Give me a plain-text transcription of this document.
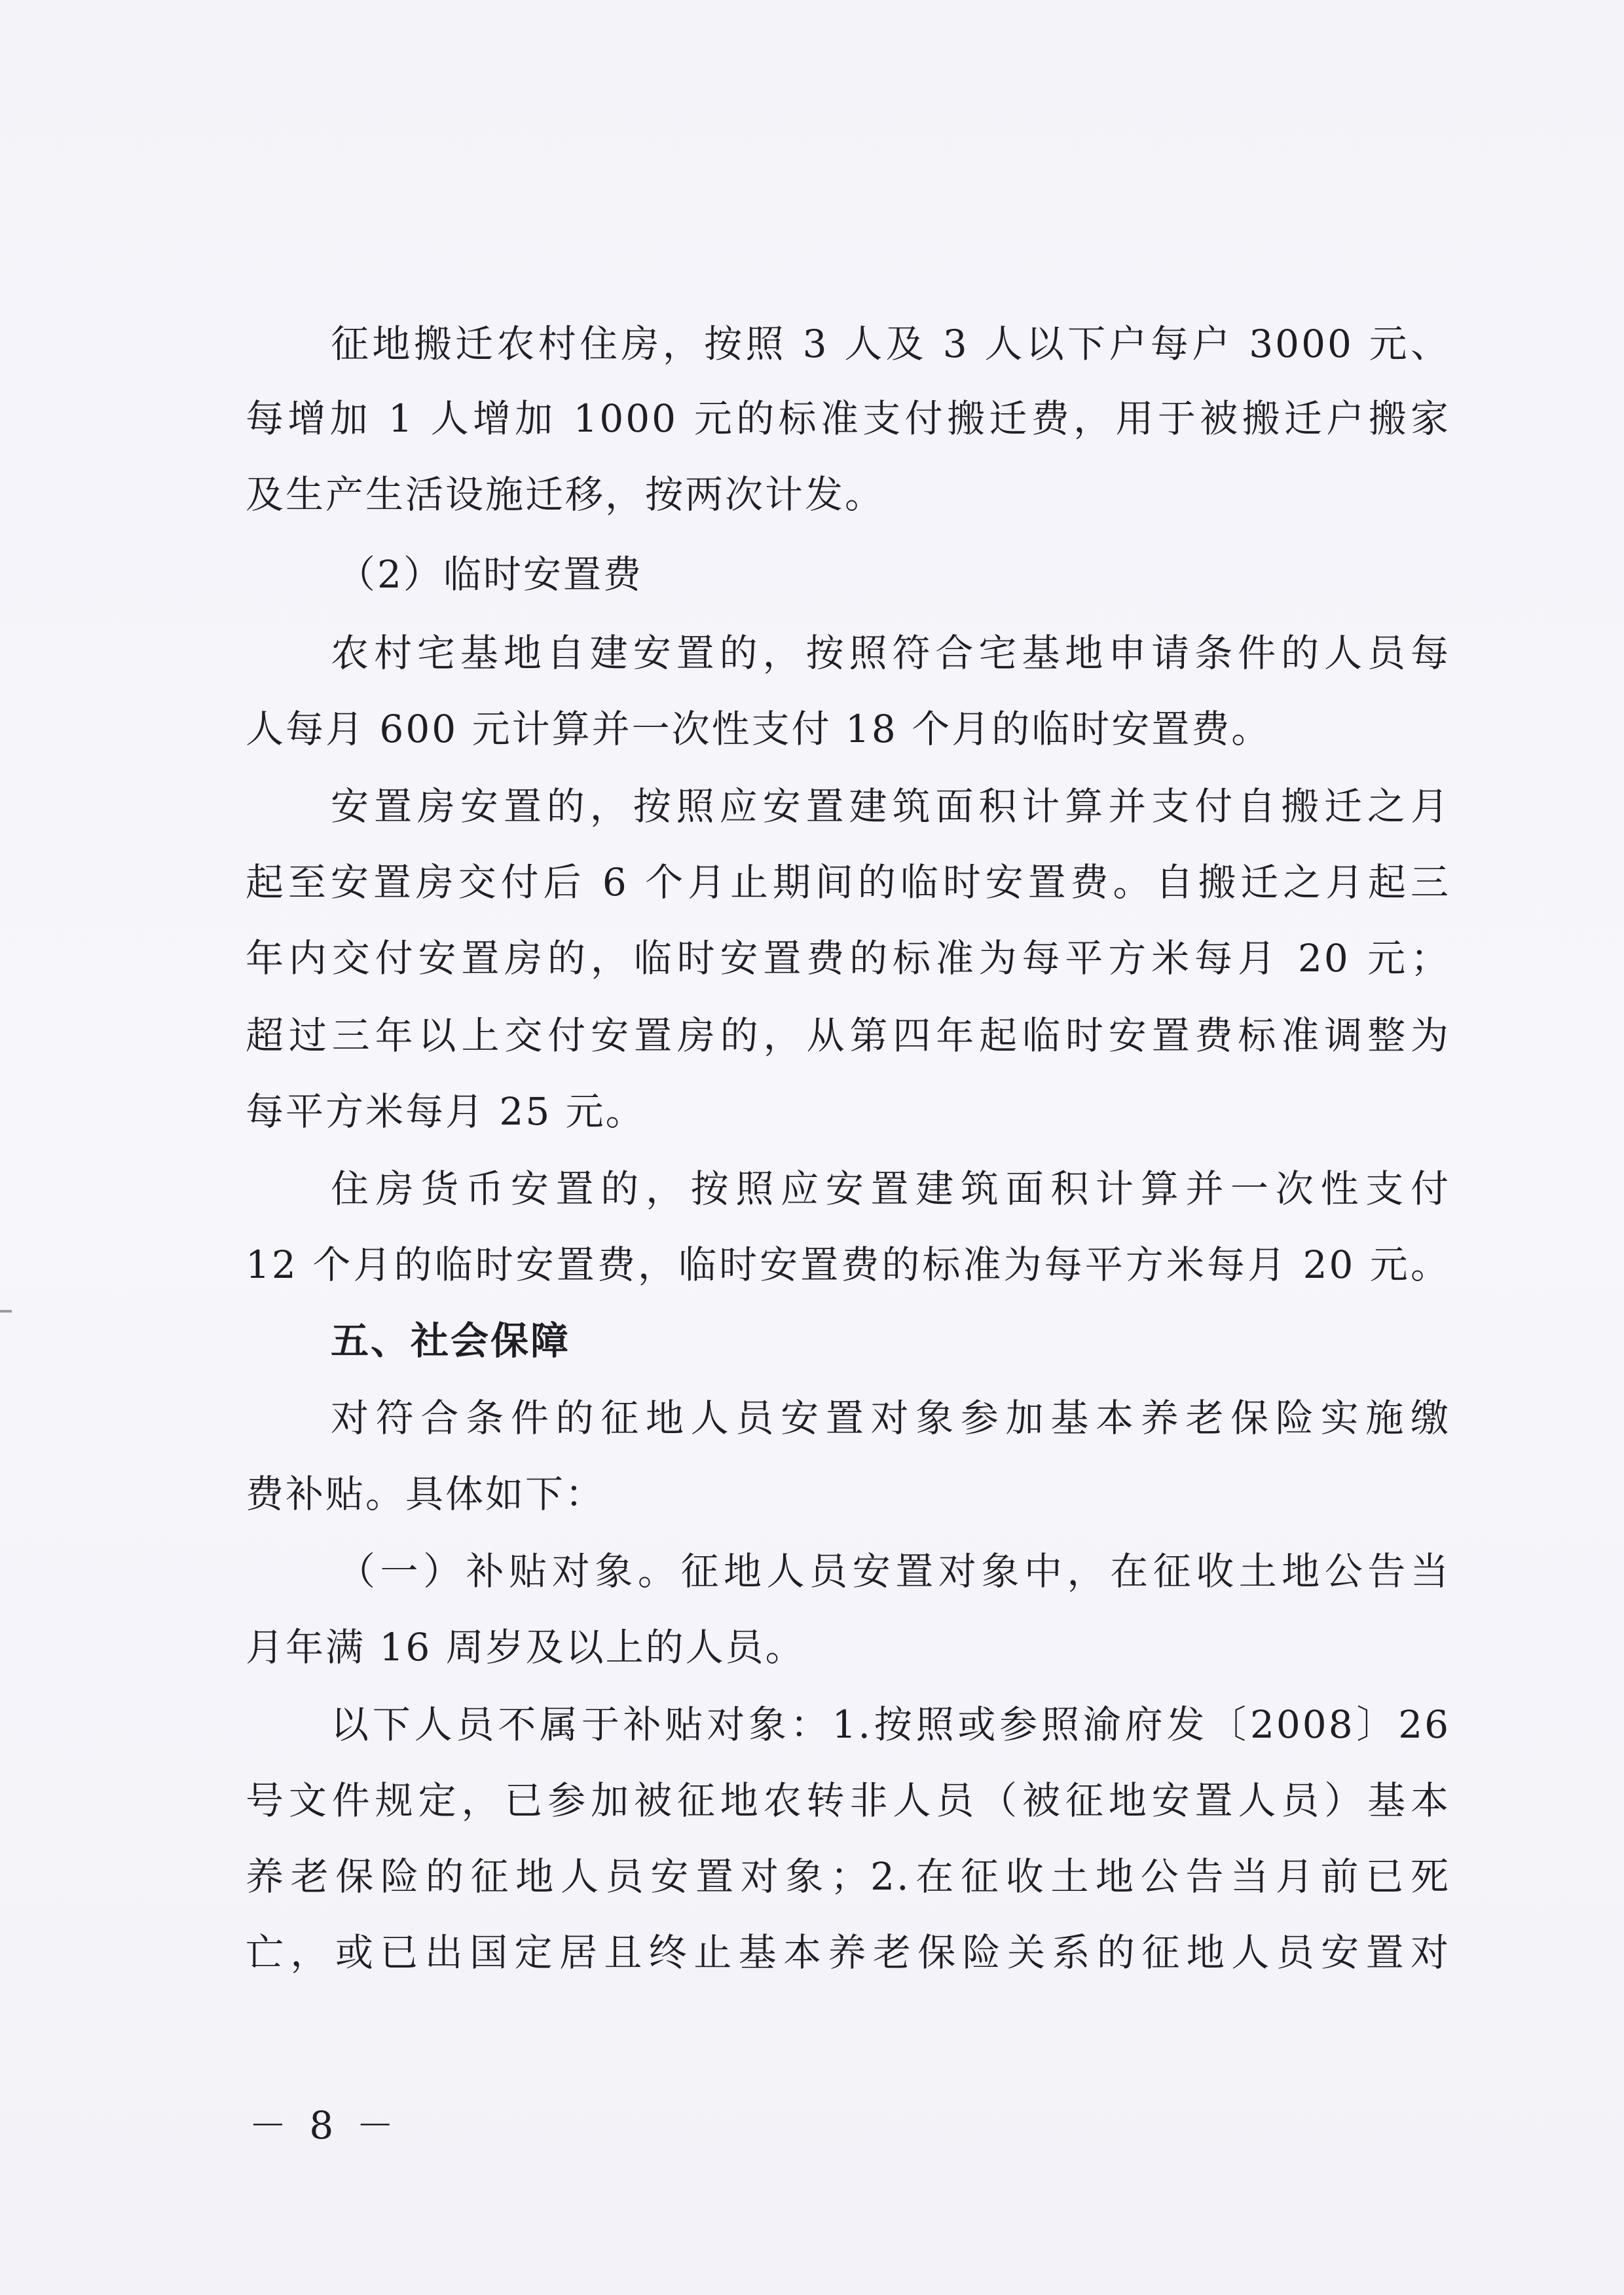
征地搬迁农村住房，按照 3 人及 3 人以下户每户 3000 元、
每增加 1 人增加 1000 元的标准支付搬迁费，用于被搬迁户搬家
及生产生活设施迁移，按两次计发。
（2）临时安置费
农村宅基地自建安置的，按照符合宅基地申请条件的人员每
人每月 600 元计算并一次性支付 18 个月的临时安置费。
安置房安置的，按照应安置建筑面积计算并支付自搬迁之月
起至安置房交付后 6 个月止期间的临时安置费。自搬迁之月起三
年内交付安置房的，临时安置费的标准为每平方米每月 20 元；
超过三年以上交付安置房的，从第四年起临时安置费标准调整为
每平方米每月 25 元。
住房货币安置的，按照应安置建筑面积计算并一次性支付
12 个月的临时安置费，临时安置费的标准为每平方米每月 20 元。
五、社会保障
对符合条件的征地人员安置对象参加基本养老保险实施缴
费补贴。具体如下：
（一）补贴对象。征地人员安置对象中，在征收土地公告当
月年满 16 周岁及以上的人员。
以下人员不属于补贴对象：1.按照或参照渝府发〔2008〕26
号文件规定，已参加被征地农转非人员（被征地安置人员）基本
养老保险的征地人员安置对象；2.在征收土地公告当月前已死
亡，或已出国定居且终止基本养老保险关系的征地人员安置对
－ 8 －
